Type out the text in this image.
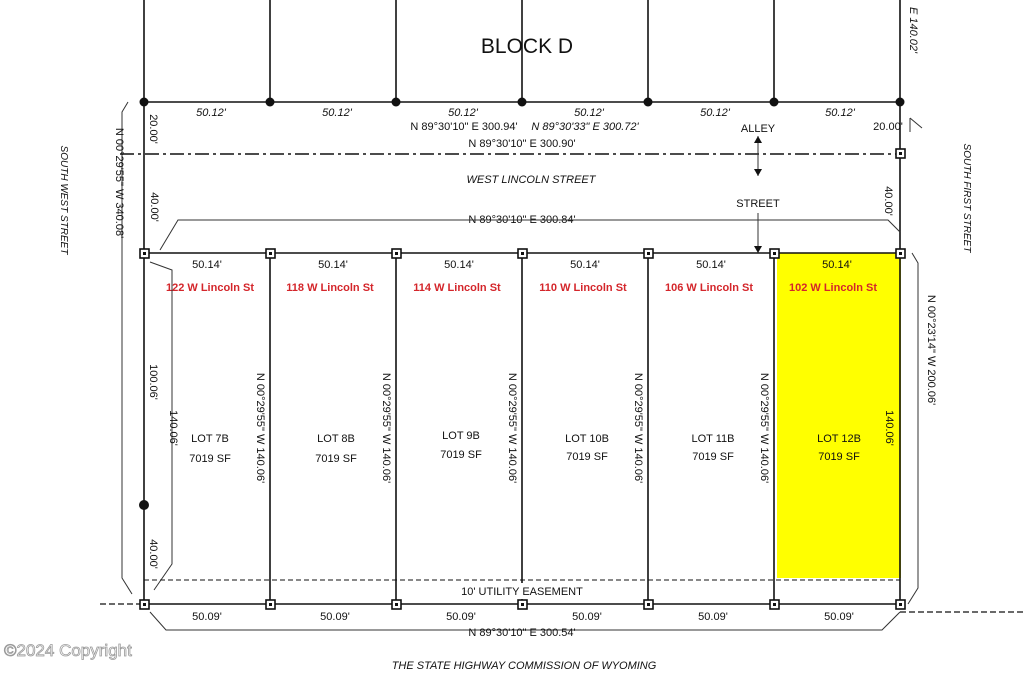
BLOCK D	E 140.02'
50.12'	50.12'	50.12'	50.12'	50.12'	50.12'
N 89°30'10" E 300.94' N 89°30'33" E 300.72'	ALLEY
N 89°30'10" E 300.90'
20.00'	20.00'
WEST LINCOLN STREET
STREET
N 89°30'10" E 300.84'
40.00'	40.00'
SOUTH WEST STREET	SOUTH FIRST STREET
N 00°29'55" W 340.08'
N 00°23'14" W 200.06'
10' UTILITY EASEMENT
50.14'	50.14'	50.14'	50.14'	50.14'	50.14'
122 W Lincoln St	118 W Lincoln St	114 W Lincoln St	110 W Lincoln St	106 W Lincoln St	102 W Lincoln St
LOT 7B
7019 SF
LOT 8B
7019 SF
LOT 9B
7019 SF
LOT 10B
7019 SF
LOT 11B
7019 SF
LOT 12B
7019 SF
N 00°29'55" W 140.06'	N 00°29'55" W 140.06'	N 00°29'55" W 140.06'	N 00°29'55" W 140.06'	N 00°29'55" W 140.06'
100.06'
40.00'
140.06'	140.06'
50.09'	50.09'	50.09'	50.09'	50.09'	50.09'
N 89°30'10" E 300.54'
THE STATE HIGHWAY COMMISSION OF WYOMING
©2024 Copyright
